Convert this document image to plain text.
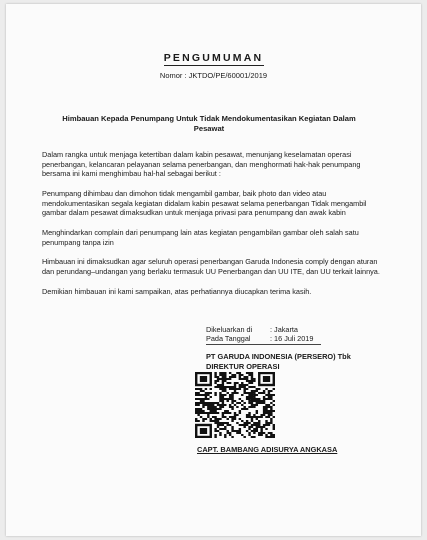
PENGUMUMAN
Nomor : JKTDO/PE/60001/2019
Himbauan Kepada Penumpang Untuk Tidak Mendokumentasikan Kegiatan Dalam Pesawat
Dalam rangka untuk menjaga ketertiban dalam kabin pesawat, menunjang keselamatan operasi penerbangan, kelancaran pelayanan selama penerbangan, dan menghormati hak-hak penumpang bersama ini kami menghimbau hal-hal sebagai berikut :
Penumpang dihimbau dan dimohon tidak mengambil gambar, baik photo dan video atau mendokumentasikan segala kegiatan didalam kabin pesawat selama penerbangan Tidak mengambil gambar dalam pesawat dimaksudkan untuk menjaga privasi para penumpang dan awak kabin
Menghindarkan complain dari penumpang lain atas kegiatan pengambilan gambar oleh salah satu penumpang tanpa izin
Himbauan ini dimaksudkan agar seluruh operasi penerbangan Garuda Indonesia comply dengan aturan dan perundang–undangan yang berlaku termasuk UU Penerbangan dan UU ITE, dan UU terkait lainnya.
Demikian himbauan ini kami sampaikan, atas perhatiannya diucapkan terima kasih.
Dikeluarkan di : Jakarta
Pada Tanggal	: 16 Juli 2019
PT GARUDA INDONESIA (PERSERO) Tbk
DIREKTUR OPERASI
CAPT. BAMBANG ADISURYA ANGKASA
